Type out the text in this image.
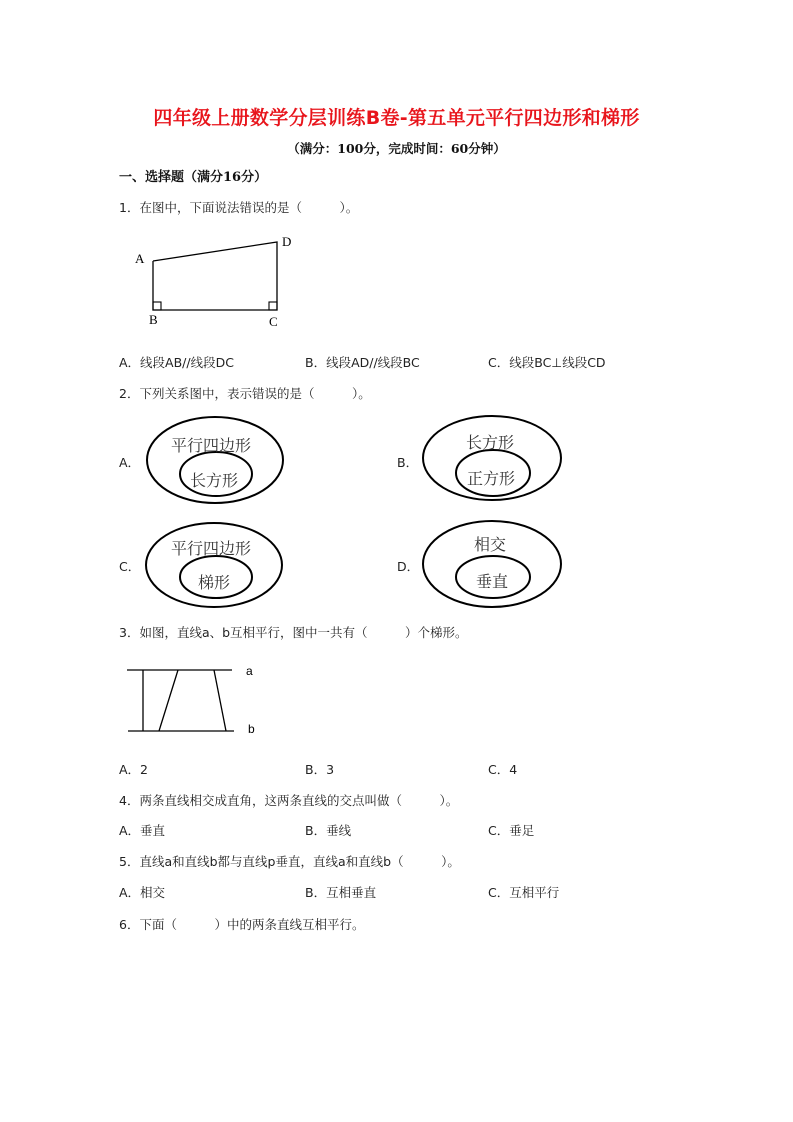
四年级上册数学分层训练B卷-第五单元平行四边形和梯形
（满分：100分，完成时间：60分钟）
一、选择题（满分16分）
1．在图中，下面说法错误的是（　　　）。
A
B	C
D
A．线段AB//线段DC	B．线段AD//线段BC	C．线段BC⊥线段CD
2．下列关系图中，表示错误的是（　　　）。
A．
平行四边形
长方形
B．
长方形
正方形
C．
平行四边形
梯形
D．
相交
垂直
3．如图，直线a、b互相平行，图中一共有（　　　）个梯形。
a
b
A．2	B．3	C．4
4．两条直线相交成直角，这两条直线的交点叫做（　　　）。
A．垂直	B．垂线	C．垂足
5．直线a和直线b都与直线p垂直，直线a和直线b（　　　）。
A．相交	B．互相垂直	C．互相平行
6．下面（　　　）中的两条直线互相平行。
